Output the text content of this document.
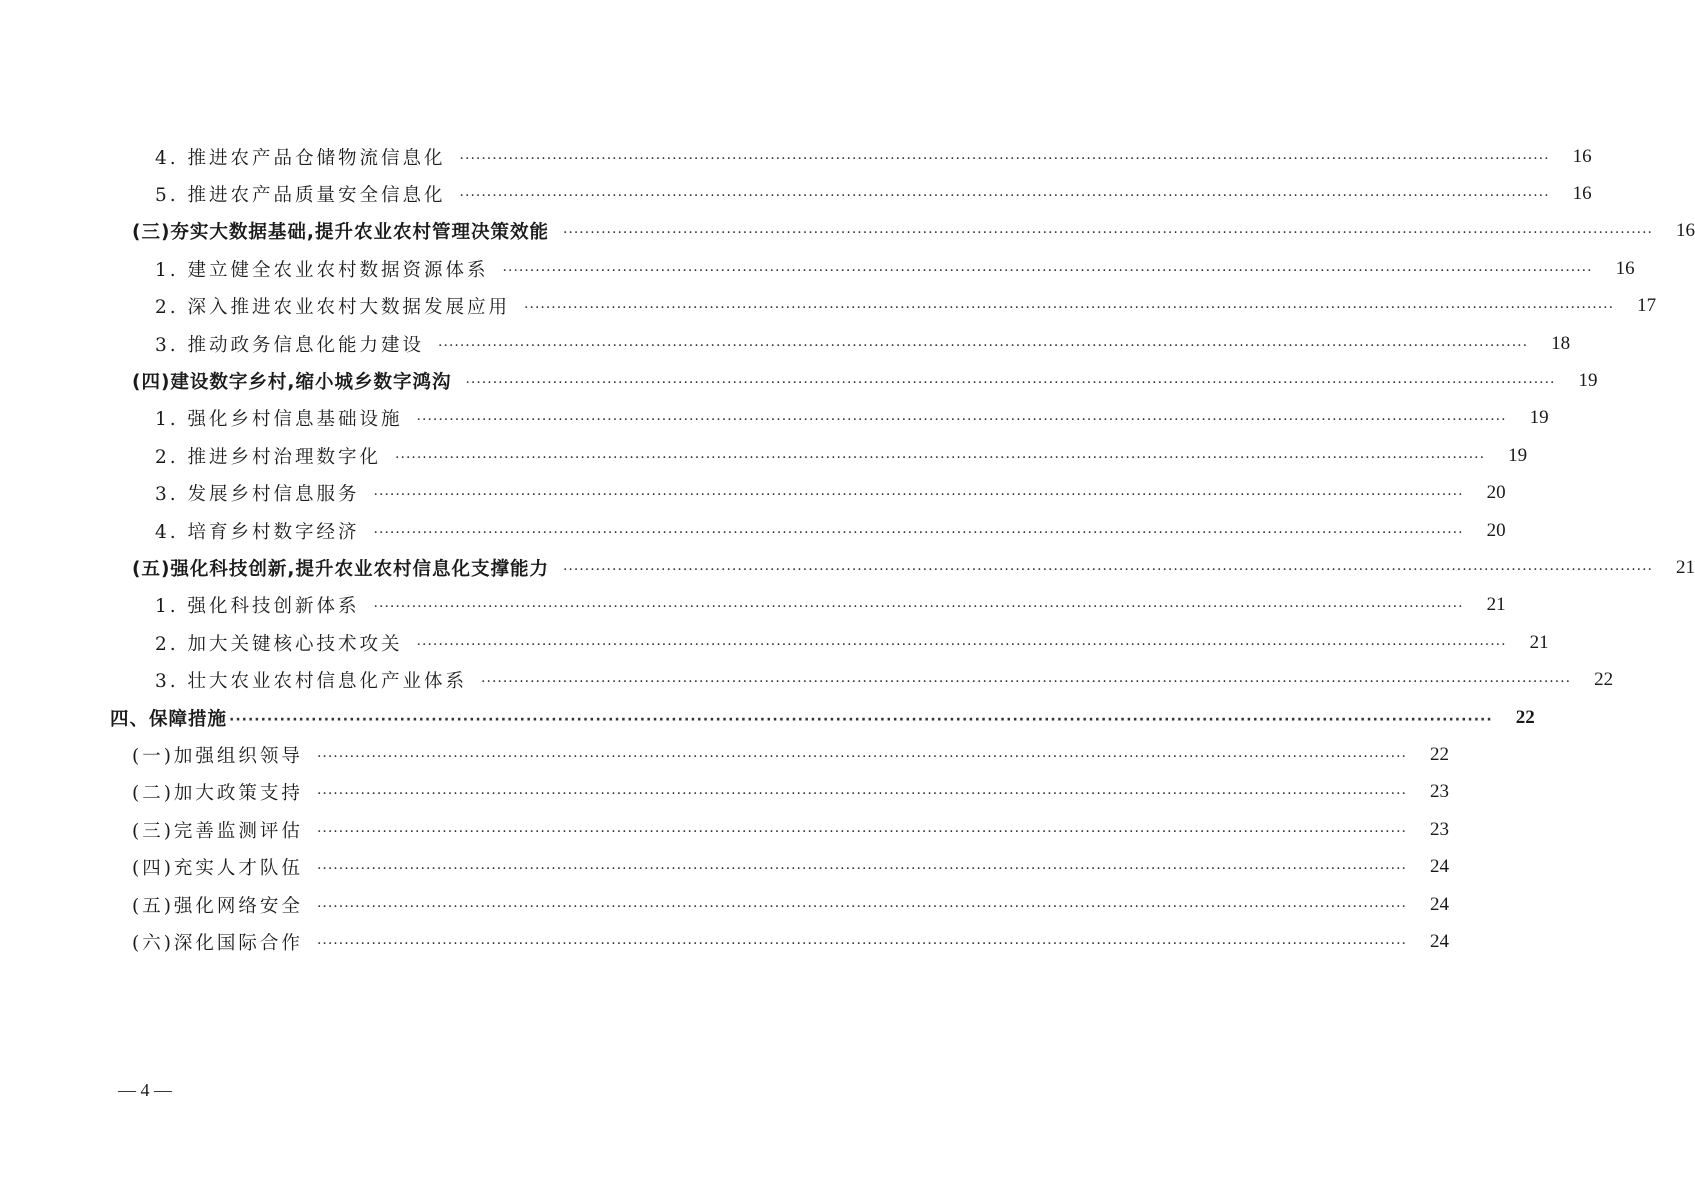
4. 推进农产品仓储物流信息化 ········································································································································································································	16
5. 推进农产品质量安全信息化 ········································································································································································································	16
(三)夯实大数据基础,提升农业农村管理决策效能 ········································································································································································································	16
1. 建立健全农业农村数据资源体系 ········································································································································································································	16
2. 深入推进农业农村大数据发展应用 ········································································································································································································	17
3. 推动政务信息化能力建设 ········································································································································································································	18
(四)建设数字乡村,缩小城乡数字鸿沟 ········································································································································································································	19
1. 强化乡村信息基础设施 ········································································································································································································	19
2. 推进乡村治理数字化 ········································································································································································································	19
3. 发展乡村信息服务 ········································································································································································································	20
4. 培育乡村数字经济 ········································································································································································································	20
(五)强化科技创新,提升农业农村信息化支撑能力 ········································································································································································································	21
1. 强化科技创新体系 ········································································································································································································	21
2. 加大关键核心技术攻关 ········································································································································································································	21
3. 壮大农业农村信息化产业体系 ········································································································································································································	22
四、保障措施 ········································································································································································································	22
(一)加强组织领导 ········································································································································································································	22
(二)加大政策支持 ········································································································································································································	23
(三)完善监测评估 ········································································································································································································	23
(四)充实人才队伍 ········································································································································································································	24
(五)强化网络安全 ········································································································································································································	24
(六)深化国际合作 ········································································································································································································	24
— 4 —
